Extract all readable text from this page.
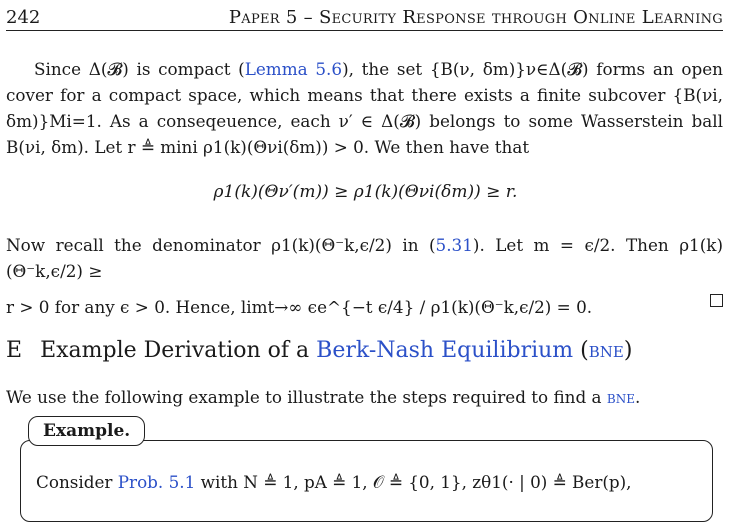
242	Paper 5 – Security Response through Online Learning
Since Δ(𝓑) is compact (Lemma 5.6), the set {B(ν, δm)}ν∈Δ(𝓑) forms an open cover for a compact space, which means that there exists a finite subcover {B(νi, δm)}Mi=1. As a conseqeuence, each ν′ ∈ Δ(𝓑) belongs to some Wasserstein ball B(νi, δm). Let r ≜ mini ρ1(k)(Θνi(δm)) > 0. We then have that
ρ1(k)(Θν′(m)) ≥ ρ1(k)(Θνi(δm)) ≥ r.
Now recall the denominator ρ1(k)(Θ⁻k,ϵ/2) in (5.31). Let m = ϵ/2. Then ρ1(k)(Θ⁻k,ϵ/2) ≥
r > 0 for any ϵ > 0. Hence, limt→∞ ϵe^{−t ϵ/4} / ρ1(k)(Θ⁻k,ϵ/2) = 0.
E Example Derivation of a Berk-Nash Equilibrium (bne)
We use the following example to illustrate the steps required to find a bne.
Example.
Consider Prob. 5.1 with N ≜ 1, pA ≜ 1, 𝒪 ≜ {0, 1}, zθ1(· | 0) ≜ Ber(p),
